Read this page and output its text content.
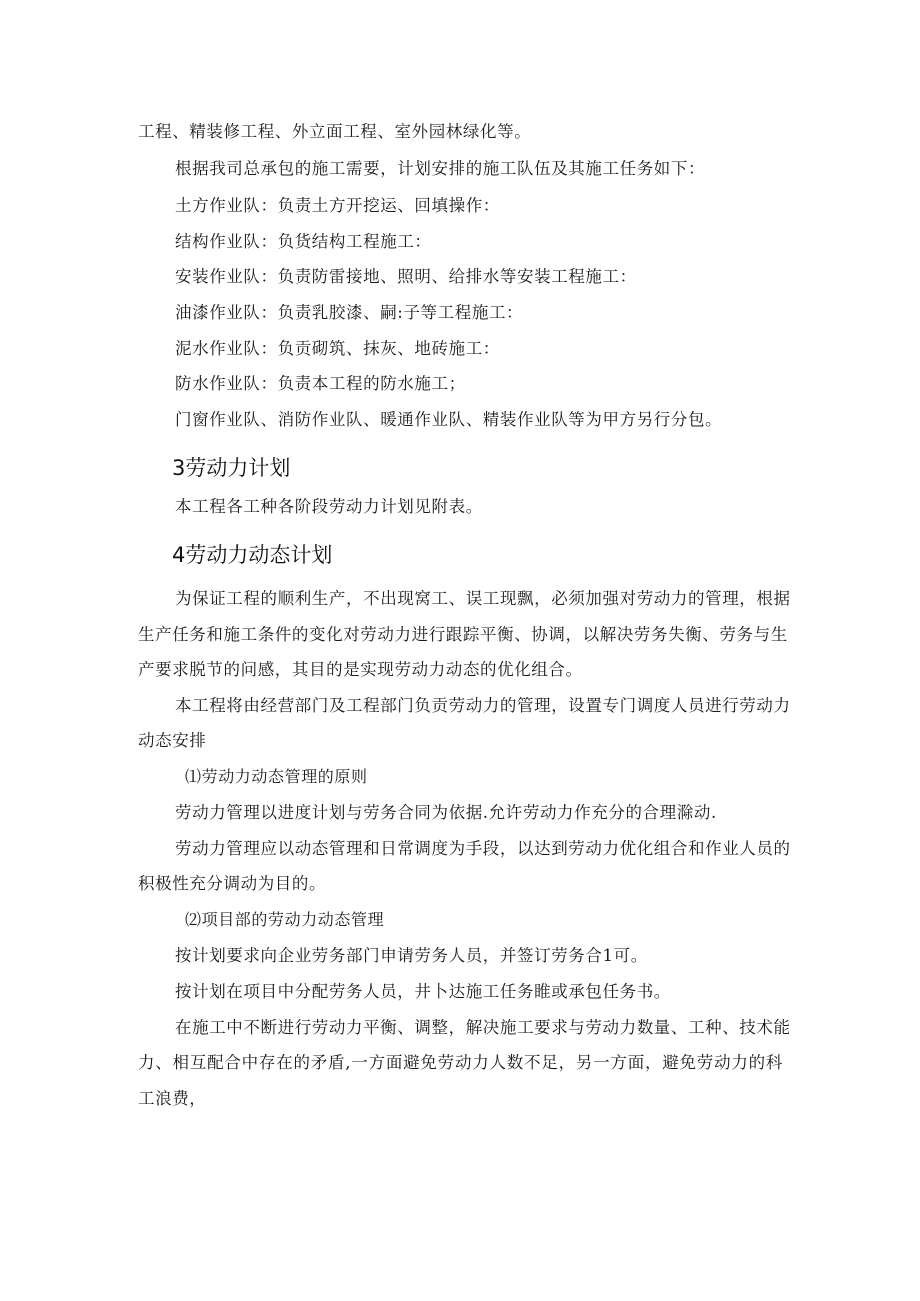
工程、精装修工程、外立面工程、室外园林绿化等。
根据我司总承包的施工需要，计划安排的施工队伍及其施工任务如下：
土方作业队：负责土方开挖运、回填操作：
结构作业队：负货结构工程施工：
安装作业队：负责防雷接地、照明、给排水等安装工程施工：
油漆作业队：负责乳胶漆、嗣:子等工程施工：
泥水作业队：负贡砌筑、抹灰、地砖施工：
防水作业队：负责本工程的防水施工；
门窗作业队、消防作业队、暖通作业队、精装作业队等为甲方另行分包。
3劳动力计划
本工程各工种各阶段劳动力计划见附表。
4劳动力动态计划
为保证工程的顺利生产，不出现窝工、误工现飘，必须加强对劳动力的管理，根据
生产任务和施工条件的变化对劳动力进行跟踪平衡、协调，以解决劳务失衡、劳务与生
产要求脱节的问感，其目的是实现劳动力动态的优化组合。
本工程将由经营部门及工程部门负贡劳动力的管理，设置专门调度人员进行劳动力
动态安排
⑴劳动力动态管理的原则
劳动力管理以进度计划与劳务合同为依据.允许劳动力作充分的合理滁动.
劳动力管理应以动态管理和日常调度为手段，以达到劳动力优化组合和作业人员的
积极性充分调动为目的。
⑵项目部的劳动力动态管理
按计划要求向企业劳务部门申请劳务人员，并签订劳务合1可。
按计划在项目中分配劳务人员，井卜达施工任务睢或承包任务书。
在施工中不断进行劳动力平衡、调整，解决施工要求与劳动力数量、工种、技术能
力、相互配合中存在的矛盾,一方面避免劳动力人数不足，另一方面，避免劳动力的科
工浪费，
